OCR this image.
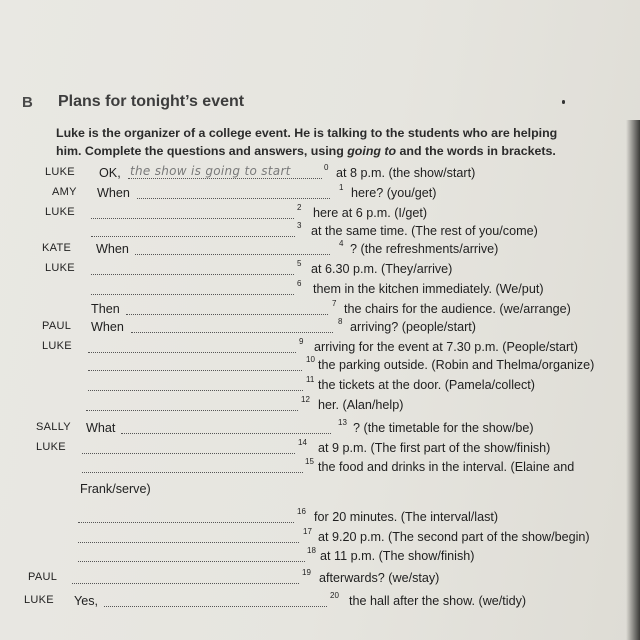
B Plans for tonight’s event
Luke is the organizer of a college event. He is talking to the students who are helping
him. Complete the questions and answers, using going to and the words in brackets.
LUKE OK,	0 at 8 p.m. (the show/start)
AMY When	1 here? (you/get)
LUKE	2 here at 6 p.m. (I/get)
3 at the same time. (The rest of you/come)
KATE When	4 ? (the refreshments/arrive)
LUKE	5 at 6.30 p.m. (They/arrive)
6 them in the kitchen immediately. (We/put)
Then	7 the chairs for the audience. (we/arrange)
PAUL When	8 arriving? (people/start)
LUKE	9 arriving for the event at 7.30 p.m. (People/start)
10 the parking outside. (Robin and Thelma/organize)
11 the tickets at the door. (Pamela/collect)
12 her. (Alan/help)
SALLY What	13 ? (the timetable for the show/be)
LUKE	14 at 9 p.m. (The first part of the show/finish)
15 the food and drinks in the interval. (Elaine and
Frank/serve)
16 for 20 minutes. (The interval/last)
17 at 9.20 p.m. (The second part of the show/begin)
18 at 11 p.m. (The show/finish)
PAUL	19 afterwards? (we/stay)
LUKE Yes,	20 the hall after the show. (we/tidy)
the show is going to start
